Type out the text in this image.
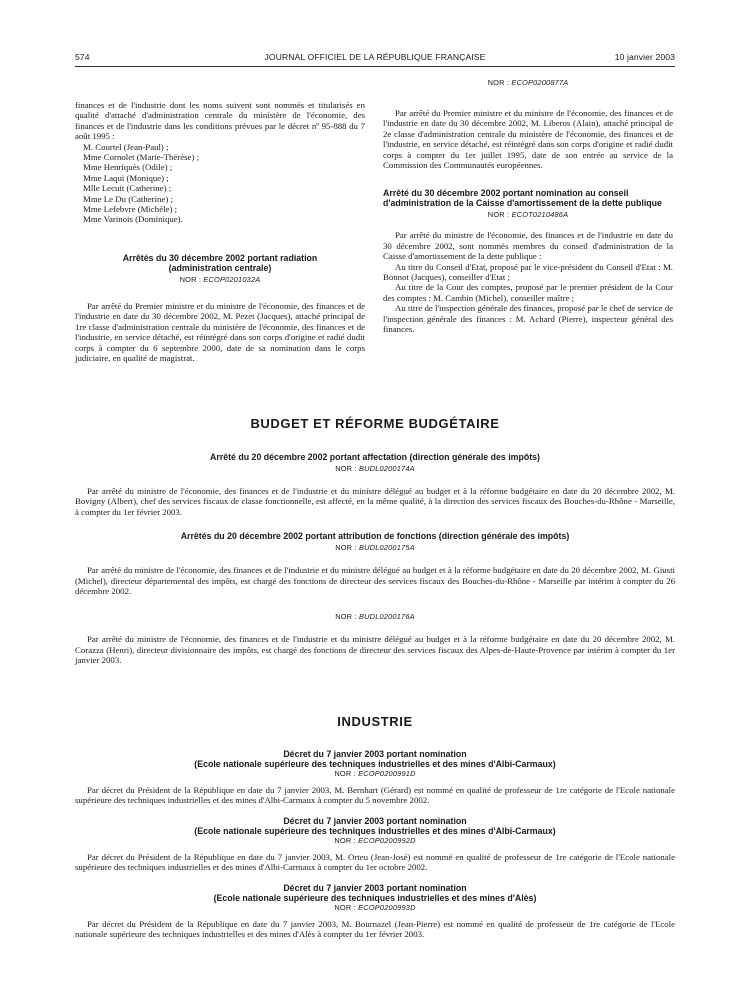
574	JOURNAL OFFICIEL DE LA RÉPUBLIQUE FRANÇAISE	10 janvier 2003

finances et de l'industrie dont les noms suivent sont nommés et titularisés en qualité d'attaché d'administration centrale du ministère de l'économie, des finances et de l'industrie dans les conditions prévues par le décret nº 95-888 du 7 août 1995 :

M. Courtel (Jean-Paul) ;
Mme Cornolet (Marie-Thérèse) ;
Mme Henriquès (Odile) ;
Mme Laqui (Monique) ;
Mlle Lecuit (Catherine) ;
Mme Le Du (Catherine) ;
Mme Lefebvre (Michèle) ;
Mme Varinois (Dominique).

Arrêtés du 30 décembre 2002 portant radiation
(administration centrale)

NOR : ECOP0201032A

Par arrêté du Premier ministre et du ministre de l'économie, des finances et de l'industrie en date du 30 décembre 2002, M. Pezet (Jacques), attaché principal de 1re classe d'administration centrale du ministère de l'économie, des finances et de l'industrie, en service détaché, est réintégré dans son corps d'origine et radié dudit corps à compter du 6 septembre 2000, date de sa nomination dans le corps judiciaire, en qualité de magistrat.

NOR : ECOP0200877A

Par arrêté du Premier ministre et du ministre de l'économie, des finances et de l'industrie en date du 30 décembre 2002, M. Liberos (Alain), attaché principal de 2e classe d'administration centrale du ministère de l'économie, des finances et de l'industrie, en service détaché, est réintégré dans son corps d'origine et radié dudit corps à compter du 1er juillet 1995, date de son entrée au service de la Commission des Communautés européennes.

Arrêté du 30 décembre 2002 portant nomination au conseil d'administration de la Caisse d'amortissement de la dette publique

NOR : ECOT0210486A

Par arrêté du ministre de l'économie, des finances et de l'industrie en date du 30 décembre 2002, sont nommés membres du conseil d'administration de la Caisse d'amortissement de la dette publique :

Au titre du Conseil d'Etat, proposé par le vice-président du Conseil d'Etat : M. Bonnot (Jacques), conseiller d'Etat ;

Au titre de la Cour des comptes, proposé par le premier président de la Cour des comptes : M. Cambin (Michel), conseiller maître ;

Au titre de l'inspection générale des finances, proposé par le chef de service de l'inspection générale des finances : M. Achard (Pierre), inspecteur général des finances.

BUDGET ET RÉFORME BUDGÉTAIRE

Arrêté du 20 décembre 2002 portant affectation (direction générale des impôts)

NOR : BUDL0200174A

Par arrêté du ministre de l'économie, des finances et de l'industrie et du ministre délégué au budget et à la réforme budgétaire en date du 20 décembre 2002, M. Bovigny (Albert), chef des services fiscaux de classe fonctionnelle, est affecté, en la même qualité, à la direction des services fiscaux des Bouches-du-Rhône - Marseille, à compter du 1er février 2003.

Arrêtés du 20 décembre 2002 portant attribution de fonctions (direction générale des impôts)

NOR : BUDL0200175A

Par arrêté du ministre de l'économie, des finances et de l'industrie et du ministre délégué au budget et à la réforme budgétaire en date du 20 décembre 2002, M. Giusti (Michel), directeur départemental des impôts, est chargé des fonctions de directeur des services fiscaux des Bouches-du-Rhône - Marseille par intérim à compter du 26 décembre 2002.

NOR : BUDL0200176A

Par arrêté du ministre de l'économie, des finances et de l'industrie et du ministre délégué au budget et à la réforme budgétaire en date du 20 décembre 2002, M. Corazza (Henri), directeur divisionnaire des impôts, est chargé des fonctions de directeur des services fiscaux des Alpes-de-Haute-Provence par intérim à compter du 1er janvier 2003.

INDUSTRIE

Décret du 7 janvier 2003 portant nomination
(Ecole nationale supérieure des techniques industrielles et des mines d'Albi-Carmaux)

NOR : ECOP0200991D

Par décret du Président de la République en date du 7 janvier 2003, M. Bernhart (Gérard) est nommé en qualité de professeur de 1re catégorie de l'Ecole nationale supérieure des techniques industrielles et des mines d'Albi-Carmaux à compter du 5 novembre 2002.

Décret du 7 janvier 2003 portant nomination
(Ecole nationale supérieure des techniques industrielles et des mines d'Albi-Carmaux)

NOR : ECOP0200992D

Par décret du Président de la République en date du 7 janvier 2003, M. Orteu (Jean-José) est nommé en qualité de professeur de 1re catégorie de l'Ecole nationale supérieure des techniques industrielles et des mines d'Albi-Carmaux à compter du 1er octobre 2002.

Décret du 7 janvier 2003 portant nomination
(Ecole nationale supérieure des techniques industrielles et des mines d'Alès)

NOR : ECOP0200993D

Par décret du Président de la République en date du 7 janvier 2003, M. Bournazel (Jean-Pierre) est nommé en qualité de professeur de 1re catégorie de l'Ecole nationale supérieure des techniques industrielles et des mines d'Alès à compter du 1er février 2003.
